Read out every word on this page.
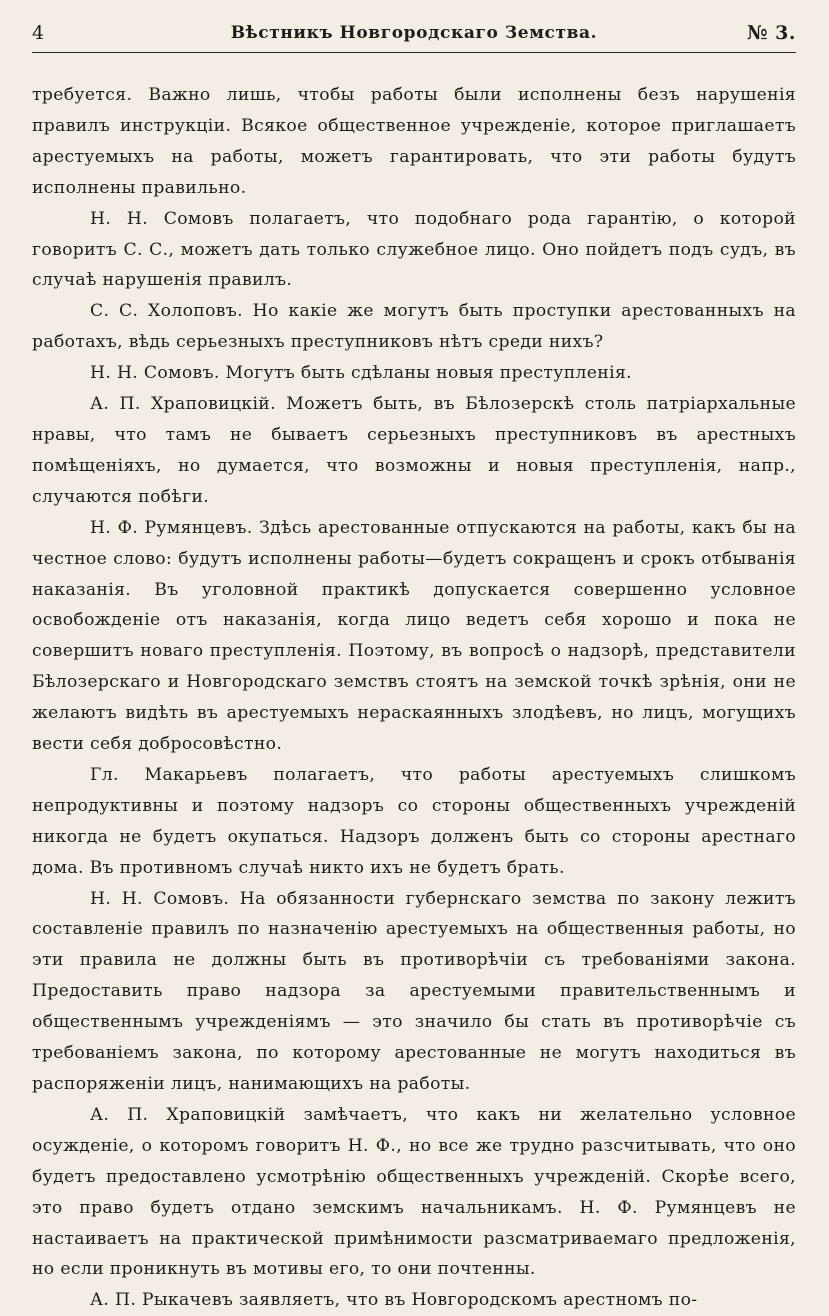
4	Вѣстникъ Новгородскаго Земства.	№ 3.

требуется. Важно лишь, чтобы работы были исполнены безъ нарушенія правилъ инструкціи. Всякое общественное учрежденіе, которое приглашаетъ арестуемыхъ на работы, можетъ гарантировать, что эти работы будутъ исполнены правильно.

Н. Н. Сомовъ полагаетъ, что подобнаго рода гарантію, о которой говоритъ С. С., можетъ дать только служебное лицо. Оно пойдетъ подъ судъ, въ случаѣ нарушенія правилъ.

С. С. Холоповъ. Но какіе же могутъ быть проступки арестованныхъ на работахъ, вѣдь серьезныхъ преступниковъ нѣтъ среди нихъ?

Н. Н. Сомовъ. Могутъ быть сдѣланы новыя преступленія.

А. П. Храповицкій. Можетъ быть, въ Бѣлозерскѣ столь патріархальные нравы, что тамъ не бываетъ серьезныхъ преступниковъ въ арестныхъ помѣщеніяхъ, но думается, что возможны и новыя преступленія, напр., случаются побѣги.

Н. Ф. Румянцевъ. Здѣсь арестованные отпускаются на работы, какъ бы на честное слово: будутъ исполнены работы—будетъ сокращенъ и срокъ отбыванія наказанія. Въ уголовной практикѣ допускается совершенно условное освобожденіе отъ наказанія, когда лицо ведетъ себя хорошо и пока не совершитъ новаго преступленія. Поэтому, въ вопросѣ о надзорѣ, представители Бѣлозерскаго и Новгородскаго земствъ стоятъ на земской точкѣ зрѣнія, они не желаютъ видѣть въ арестуемыхъ нераскаянныхъ злодѣевъ, но лицъ, могущихъ вести себя добросовѣстно.

Гл. Макарьевъ полагаетъ, что работы арестуемыхъ слишкомъ непродуктивны и поэтому надзоръ со стороны общественныхъ учрежденій никогда не будетъ окупаться. Надзоръ долженъ быть со стороны арестнаго дома. Въ противномъ случаѣ никто ихъ не будетъ брать.

Н. Н. Сомовъ. На обязанности губернскаго земства по закону лежитъ составленіе правилъ по назначенію арестуемыхъ на общественныя работы, но эти правила не должны быть въ противорѣчіи съ требованіями закона. Предоставить право надзора за арестуемыми правительственнымъ и общественнымъ учрежденіямъ — это значило бы стать въ противорѣчіе съ требованіемъ закона, по которому арестованные не могутъ находиться въ распоряженіи лицъ, нанимающихъ на работы.

А. П. Храповицкій замѣчаетъ, что какъ ни желательно условное осужденіе, о которомъ говоритъ Н. Ф., но все же трудно разсчитывать, что оно будетъ предоставлено усмотрѣнію общественныхъ учрежденій. Скорѣе всего, это право будетъ отдано земскимъ начальникамъ. Н. Ф. Румянцевъ не настаиваетъ на практической примѣнимости разсматриваемаго предложенія, но если проникнуть въ мотивы его, то они почтенны.

А. П. Рыкачевъ заявляетъ, что въ Новгородскомъ арестномъ по-
